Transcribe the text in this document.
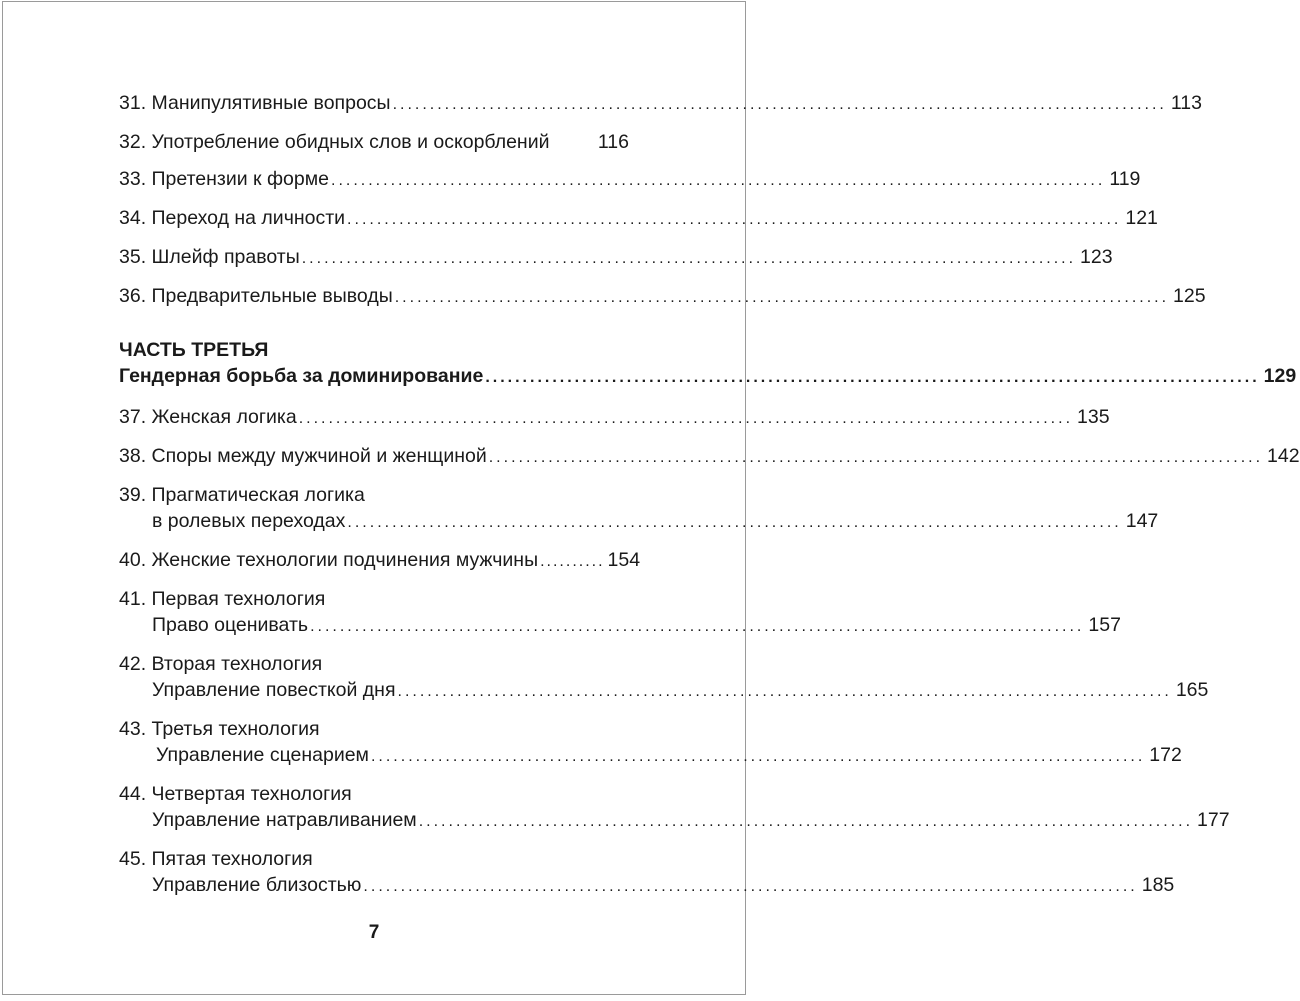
31.
Манипулятивные вопросы ........................................................................................................ 113
32.
Употребление обидных слов и оскорблений 116
33.
Претензии к форме ........................................................................................................ 119
34.
Переход на личности ........................................................................................................ 121
35.
Шлейф правоты ........................................................................................................ 123
36.
Предварительные выводы ........................................................................................................ 125
ЧАСТЬ ТРЕТЬЯ
Гендерная борьба за доминирование ........................................................................................................ 129
37.
Женская логика ........................................................................................................ 135
38.
Споры между мужчиной и женщиной ........................................................................................................ 142
39.
Прагматическая логика
в ролевых переходах ........................................................................................................ 147
40.
Женские технологии подчинения мужчины .......... 154
41.
Первая технология
Право оценивать ........................................................................................................ 157
42.
Вторая технология
Управление повесткой дня ........................................................................................................ 165
43.
Третья технология
Управление сценарием ........................................................................................................ 172
44.
Четвертая технология
Управление натравливанием ........................................................................................................ 177
45.
Пятая технология
Управление близостью ........................................................................................................ 185
7
